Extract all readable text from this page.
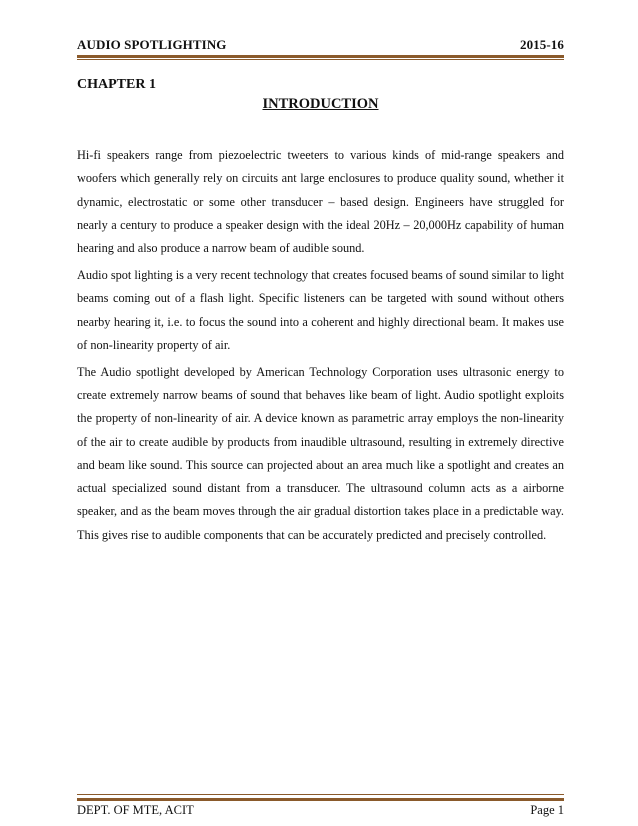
AUDIO SPOTLIGHTING	2015-16
CHAPTER 1
INTRODUCTION

Hi-fi speakers range from piezoelectric tweeters to various kinds of mid-range speakers and woofers which generally rely on circuits ant large enclosures to produce quality sound, whether it dynamic, electrostatic or some other transducer – based design. Engineers have struggled for nearly a century to produce a speaker design with the ideal 20Hz – 20,000Hz capability of human hearing and also produce a narrow beam of audible sound.

Audio spot lighting is a very recent technology that creates focused beams of sound similar to light beams coming out of a flash light. Specific listeners can be targeted with sound without others nearby hearing it, i.e. to focus the sound into a coherent and highly directional beam. It makes use of non-linearity property of air.

The Audio spotlight developed by American Technology Corporation uses ultrasonic energy to create extremely narrow beams of sound that behaves like beam of light. Audio spotlight exploits the property of non-linearity of air. A device known as parametric array employs the non-linearity of the air to create audible by products from inaudible ultrasound, resulting in extremely directive and beam like sound. This source can projected about an area much like a spotlight and creates an actual specialized sound distant from a transducer. The ultrasound column acts as a airborne speaker, and as the beam moves through the air gradual distortion takes place in a predictable way. This gives rise to audible components that can be accurately predicted and precisely controlled.

DEPT. OF MTE, ACIT	Page 1
